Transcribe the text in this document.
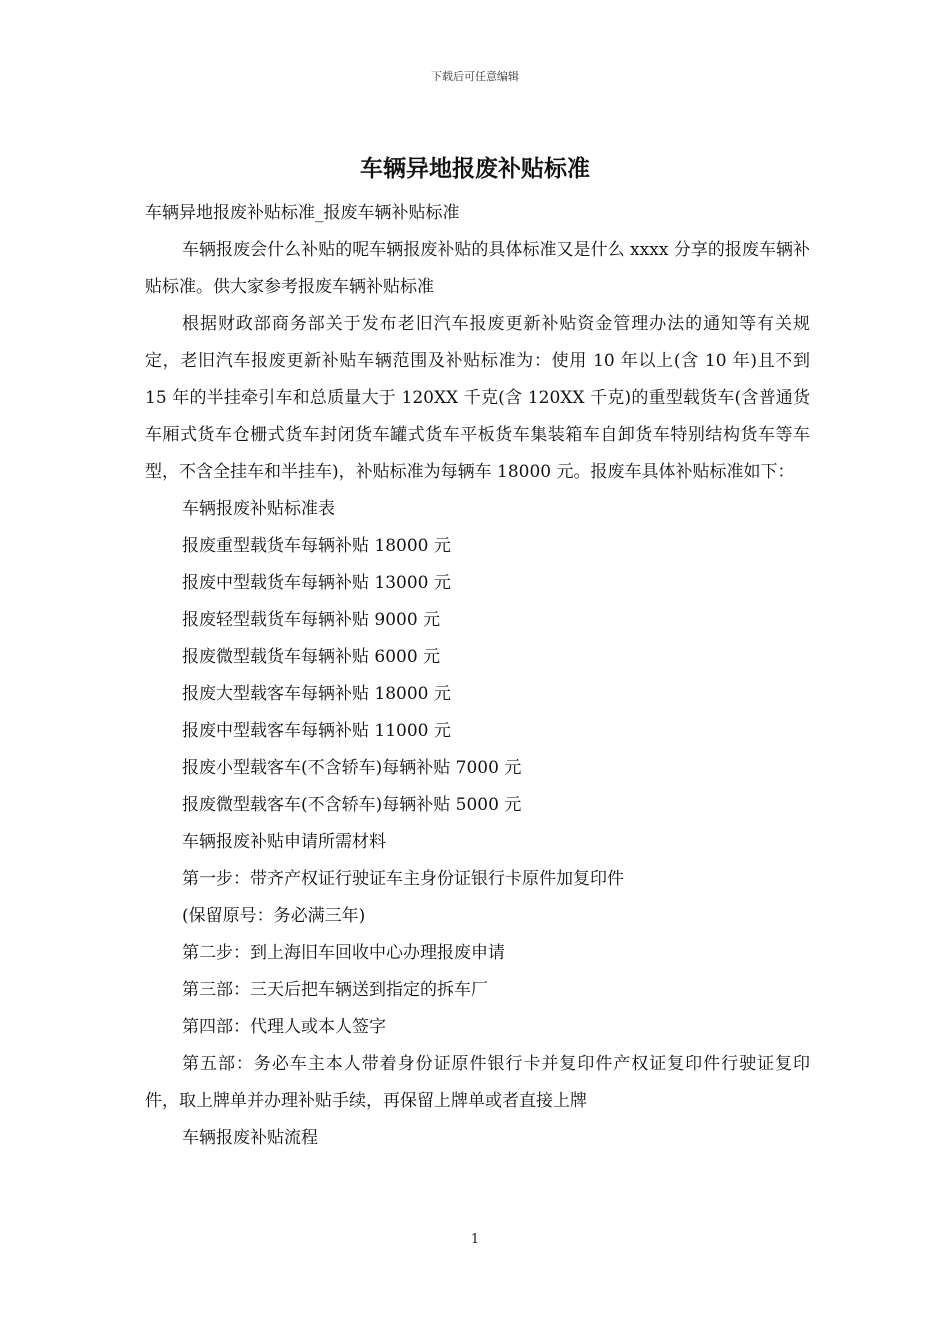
下载后可任意编辑
车辆异地报废补贴标准

车辆异地报废补贴标准_报废车辆补贴标准

车辆报废会什么补贴的呢车辆报废补贴的具体标准又是什么 xxxx 分享的报废车辆补贴标准。供大家参考报废车辆补贴标准

根据财政部商务部关于发布老旧汽车报废更新补贴资金管理办法的通知等有关规定，老旧汽车报废更新补贴车辆范围及补贴标准为：使用 10 年以上(含 10 年)且不到 15 年的半挂牵引车和总质量大于 120XX 千克(含 120XX 千克)的重型载货车(含普通货车厢式货车仓栅式货车封闭货车罐式货车平板货车集装箱车自卸货车特别结构货车等车型，不含全挂车和半挂车)，补贴标准为每辆车 18000 元。报废车具体补贴标准如下：

车辆报废补贴标准表

报废重型载货车每辆补贴 18000 元

报废中型载货车每辆补贴 13000 元

报废轻型载货车每辆补贴 9000 元

报废微型载货车每辆补贴 6000 元

报废大型载客车每辆补贴 18000 元

报废中型载客车每辆补贴 11000 元

报废小型载客车(不含轿车)每辆补贴 7000 元

报废微型载客车(不含轿车)每辆补贴 5000 元

车辆报废补贴申请所需材料

第一步：带齐产权证行驶证车主身份证银行卡原件加复印件

(保留原号：务必满三年)

第二步：到上海旧车回收中心办理报废申请

第三部：三天后把车辆送到指定的拆车厂

第四部：代理人或本人签字

第五部：务必车主本人带着身份证原件银行卡并复印件产权证复印件行驶证复印件，取上牌单并办理补贴手续，再保留上牌单或者直接上牌

车辆报废补贴流程

1
